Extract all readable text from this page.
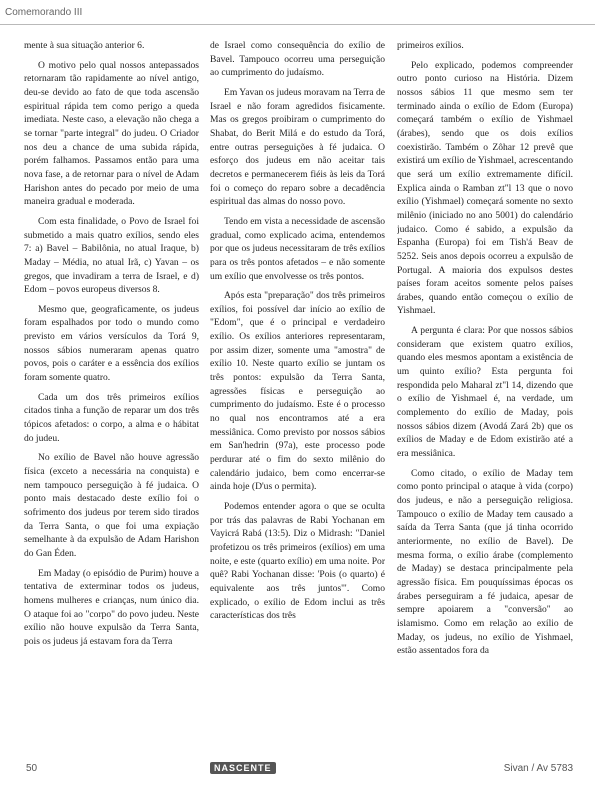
Comemorando III

mente à sua situação anterior 6.

O motivo pelo qual nossos antepassados retornaram tão rapidamente ao nível antigo, deu-se devido ao fato de que toda ascensão espiritual rápida tem como perigo a queda imediata. Neste caso, a elevação não chega a se tornar "parte integral" do judeu. O Criador nos deu a chance de uma subida rápida, porém falhamos. Passamos então para uma nova fase, a de retornar para o nível de Adam Harishon antes do pecado por meio de uma maneira gradual e moderada.

Com esta finalidade, o Povo de Israel foi submetido a mais quatro exílios, sendo eles 7: a) Bavel – Babilônia, no atual Iraque, b) Maday – Média, no atual Irã, c) Yavan – os gregos, que invadiram a terra de Israel, e d) Edom – povos europeus diversos 8.

Mesmo que, geograficamente, os judeus foram espalhados por todo o mundo como previsto em vários versículos da Torá 9, nossos sábios numeraram apenas quatro povos, pois o caráter e a essência dos exílios foram somente quatro.

Cada um dos três primeiros exílios citados tinha a função de reparar um dos três tópicos afetados: o corpo, a alma e o hábitat do judeu.

No exílio de Bavel não houve agressão física (exceto a necessária na conquista) e nem tampouco perseguição à fé judaica. O ponto mais destacado deste exílio foi o sofrimento dos judeus por terem sido tirados da Terra Santa, o que foi uma expiação semelhante à da expulsão de Adam Harishon do Gan Éden.

Em Maday (o episódio de Purim) houve a tentativa de exterminar todos os judeus, homens mulheres e crianças, num único dia. O ataque foi ao "corpo" do povo judeu. Neste exílio não houve expulsão da Terra Santa, pois os judeus já estavam fora da Terra

de Israel como consequência do exílio de Bavel. Tampouco ocorreu uma perseguição ao cumprimento do judaísmo.

Em Yavan os judeus moravam na Terra de Israel e não foram agredidos fisicamente. Mas os gregos proibiram o cumprimento do Shabat, do Berit Milá e do estudo da Torá, entre outras perseguições à fé judaica. O esforço dos judeus em não aceitar tais decretos e permanecerem fiéis às leis da Torá foi o começo do reparo sobre a decadência espiritual das almas do nosso povo.

Tendo em vista a necessidade de ascensão gradual, como explicado acima, entendemos por que os judeus necessitaram de três exílios para os três pontos afetados – e não somente um exílio que envolvesse os três pontos.

Após esta "preparação" dos três primeiros exílios, foi possível dar início ao exílio de "Edom", que é o principal e verdadeiro exílio. Os exílios anteriores representaram, por assim dizer, somente uma "amostra" de exílio 10. Neste quarto exílio se juntam os três pontos: expulsão da Terra Santa, agressões físicas e perseguição ao cumprimento do judaísmo. Este é o processo no qual nos encontramos até a era messiânica. Como previsto por nossos sábios em San'hedrin (97a), este processo pode perdurar até o fim do sexto milênio do calendário judaico, bem como encerrar-se ainda hoje (D'us o permita).

Podemos entender agora o que se oculta por trás das palavras de Rabi Yochanan em Vayicrá Rabá (13:5). Diz o Midrash: "Daniel profetizou os três primeiros (exílios) em uma noite, e este (quarto exílio) em uma noite. Por quê? Rabi Yochanan disse: 'Pois (o quarto) é equivalente aos três juntos'". Como explicado, o exílio de Edom inclui as três características dos três

primeiros exílios.

Pelo explicado, podemos compreender outro ponto curioso na História. Dizem nossos sábios 11 que mesmo sem ter terminado ainda o exílio de Edom (Europa) começará também o exílio de Yishmael (árabes), sendo que os dois exílios coexistirão. Também o Zôhar 12 prevê que existirá um exílio de Yishmael, acrescentando que será um exílio extremamente difícil. Explica ainda o Ramban zt"l 13 que o novo exílio (Yishmael) começará somente no sexto milênio (iniciado no ano 5001) do calendário judaico. Como é sabido, a expulsão da Espanha (Europa) foi em Tish'á Beav de 5252. Seis anos depois ocorreu a expulsão de Portugal. A maioria dos expulsos destes países foram aceitos somente pelos países árabes, quando então começou o exílio de Yishmael.

A pergunta é clara: Por que nossos sábios consideram que existem quatro exílios, quando eles mesmos apontam a existência de um quinto exílio? Esta pergunta foi respondida pelo Maharal zt"l 14, dizendo que o exílio de Yishmael é, na verdade, um complemento do exílio de Maday, pois nossos sábios dizem (Avodá Zará 2b) que os exílios de Maday e de Edom existirão até a era messiânica.

Como citado, o exílio de Maday tem como ponto principal o ataque à vida (corpo) dos judeus, e não a perseguição religiosa. Tampouco o exílio de Maday tem causado a saída da Terra Santa (que já tinha ocorrido anteriormente, no exílio de Bavel). De mesma forma, o exílio árabe (complemento de Maday) se destaca principalmente pela agressão física. Em pouquíssimas épocas os árabes perseguiram a fé judaica, apesar de sempre apoiarem a "conversão" ao islamismo. Como em relação ao exílio de Maday, os judeus, no exílio de Yishmael, estão assentados fora da

50	NASCENTE	Sivan / Av 5783
